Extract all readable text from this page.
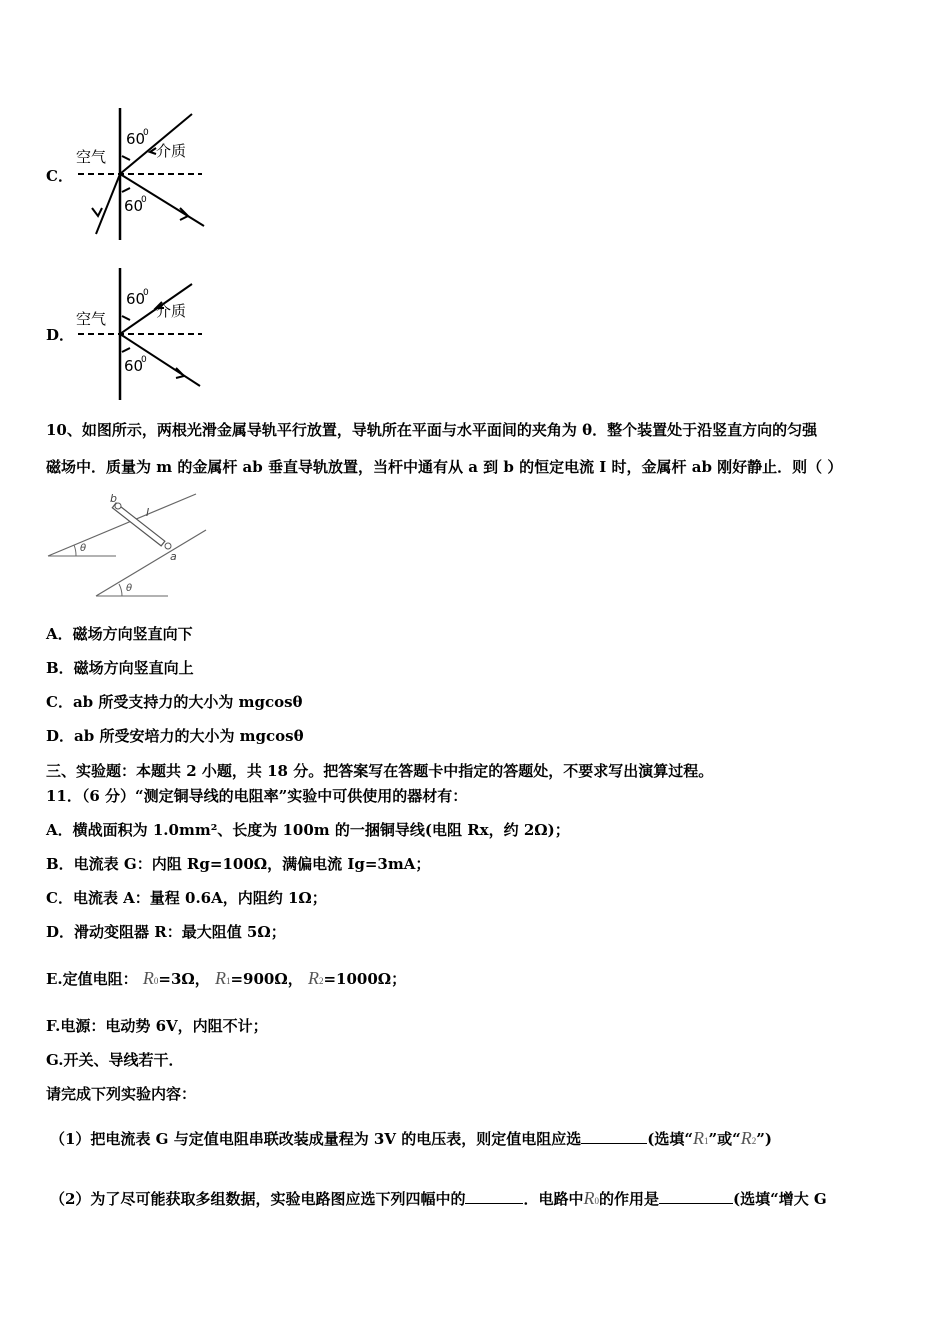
C．
60
0
60
0
空气	介质
D．
60
0
60
0
空气	介质
10、如图所示，两根光滑金属导轨平行放置，导轨所在平面与水平面间的夹角为 θ．整个装置处于沿竖直方向的匀强
磁场中．质量为 m 的金属杆 ab 垂直导轨放置，当杆中通有从 a 到 b 的恒定电流 I 时，金属杆 ab 刚好静止．则（ ）
θ
θ
b
a
I
A．磁场方向竖直向下
B．磁场方向竖直向上
C．ab 所受支持力的大小为 mgcosθ
D．ab 所受安培力的大小为 mgcosθ
三、实验题：本题共 2 小题，共 18 分。把答案写在答题卡中指定的答题处，不要求写出演算过程。
11．（6 分）“测定铜导线的电阻率”实验中可供使用的器材有：
A．横战面积为 1.0mm²、长度为 100m 的一捆铜导线(电阻 Rx，约 2Ω)；
B．电流表 G：内阻 Rg=100Ω，满偏电流 Ig=3mA；
C．电流表 A：量程 0.6A，内阻约 1Ω；
D．滑动变阻器 R：最大阻值 5Ω；
E.定值电阻： R0=3Ω， R1=900Ω， R2=1000Ω；
F.电源：电动势 6V，内阻不计；
G.开关、导线若干．
请完成下列实验内容：
（1）把电流表 G 与定值电阻串联改装成量程为 3V 的电压表，则定值电阻应选	(选填“R1”或“R2”)
（2）为了尽可能获取多组数据，实验电路图应选下列四幅中的	．电路中R0的作用是	(选填“增大 G
